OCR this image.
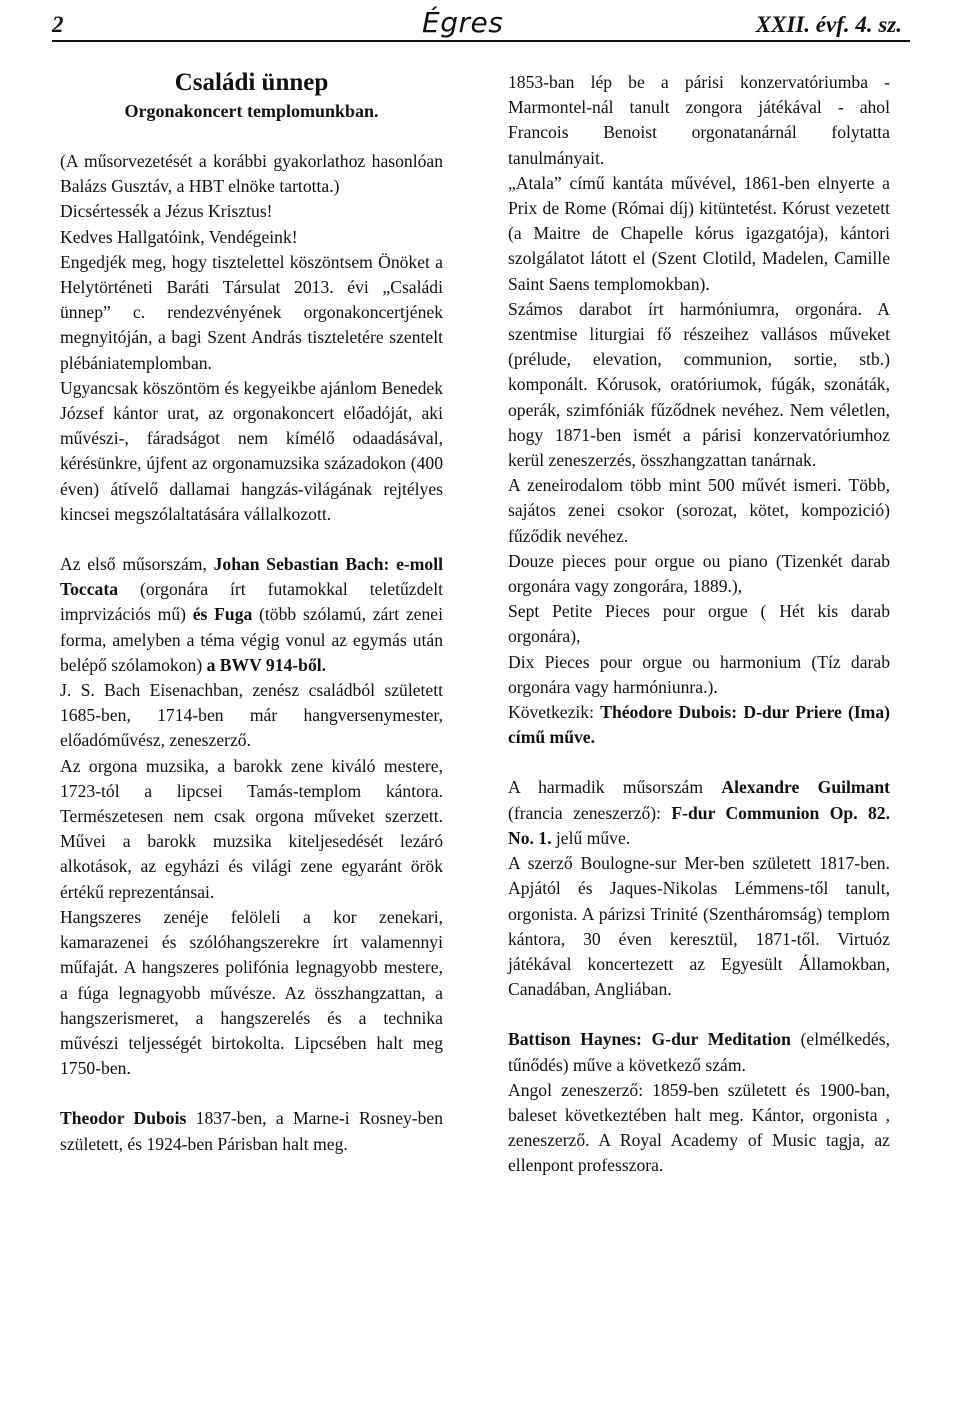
2	Égres	XXII. évf. 4. sz.

Családi ünnep

Orgonakoncert templomunkban.

(A műsorvezetését a korábbi gyakorlathoz hasonlóan Balázs Gusztáv, a HBT elnöke tartotta.)

Dicsértessék a Jézus Krisztus!

Kedves Hallgatóink, Vendégeink!

Engedjék meg, hogy tisztelettel köszöntsem Önöket a Helytörténeti Baráti Társulat 2013. évi „Családi ünnep” c. rendezvényének orgonakoncertjének megnyitóján, a bagi Szent András tiszteletére szentelt plébániatemplomban.

Ugyancsak köszöntöm és kegyeikbe ajánlom Benedek József kántor urat, az orgonakoncert előadóját, aki művészi-, fáradságot nem kímélő odaadásával, kérésünkre, újfent az orgonamuzsika századokon (400 éven) átívelő dallamai hangzás-világának rejtélyes kincsei megszólaltatására vállalkozott.

Az első műsorszám, Johan Sebastian Bach: e-moll Toccata (orgonára írt futamokkal teletűzdelt imprvizációs mű) és Fuga (több szólamú, zárt zenei forma, amelyben a téma végig vonul az egymás után belépő szólamokon) a BWV 914-ből.

J. S. Bach Eisenachban, zenész családból született 1685-ben, 1714-ben már hangversenymester, előadóművész, zeneszerző.

Az orgona muzsika, a barokk zene kiváló mestere, 1723-tól a lipcsei Tamás-templom kántora. Természetesen nem csak orgona műveket szerzett. Művei a barokk muzsika kiteljesedését lezáró alkotások, az egyházi és világi zene egyaránt örök értékű reprezentánsai.

Hangszeres zenéje felöleli a kor zenekari, kamarazenei és szólóhangszerekre írt valamennyi műfaját. A hangszeres polifónia legnagyobb mestere, a fúga legnagyobb művésze. Az összhangzattan, a hangszerismeret, a hangszerelés és a technika művészi teljességét birtokolta. Lipcsében halt meg 1750-ben.

Theodor Dubois 1837-ben, a Marne-i Rosney-ben született, és 1924-ben Párisban halt meg.

1853-ban lép be a párisi konzervatóriumba - Marmontel-nál tanult zongora játékával - ahol Francois Benoist orgonatanárnál folytatta tanulmányait.

„Atala” című kantáta művével, 1861-ben elnyerte a Prix de Rome (Római díj) kitüntetést. Kórust vezetett (a Maitre de Chapelle kórus igazgatója), kántori szolgálatot látott el (Szent Clotild, Madelen, Camille Saint Saens templomokban).

Számos darabot írt harmóniumra, orgonára. A szentmise liturgiai fő részeihez vallásos műveket (prélude, elevation, communion, sortie, stb.) komponált. Kórusok, oratóriumok, fúgák, szonáták, operák, szimfóniák fűződnek nevéhez. Nem véletlen, hogy 1871-ben ismét a párisi konzervatóriumhoz kerül zeneszerzés, összhangzattan tanárnak.

A zeneirodalom több mint 500 művét ismeri. Több, sajátos zenei csokor (sorozat, kötet, kompozició) fűződik nevéhez.

Douze pieces pour orgue ou piano (Tizenkét darab orgonára vagy zongorára, 1889.),

Sept Petite Pieces pour orgue ( Hét kis darab orgonára),

Dix Pieces pour orgue ou harmonium (Tíz darab orgonára vagy harmóniunra.).

Következik: Théodore Dubois: D-dur Priere (Ima) című műve.

A harmadik műsorszám Alexandre Guilmant (francia zeneszerző): F-dur Communion Op. 82. No. 1. jelű műve.

A szerző Boulogne-sur Mer-ben született 1817-ben. Apjától és Jaques-Nikolas Lémmens-től tanult, orgonista. A párizsi Trinité (Szentháromság) templom kántora, 30 éven keresztül, 1871-től. Virtuóz játékával koncertezett az Egyesült Államokban, Canadában, Angliában.

Battison Haynes: G-dur Meditation (elmélkedés, tűnődés) műve a következő szám.

Angol zeneszerző: 1859-ben született és 1900-ban, baleset következtében halt meg. Kántor, orgonista , zeneszerző. A Royal Academy of Music tagja, az ellenpont professzora.
